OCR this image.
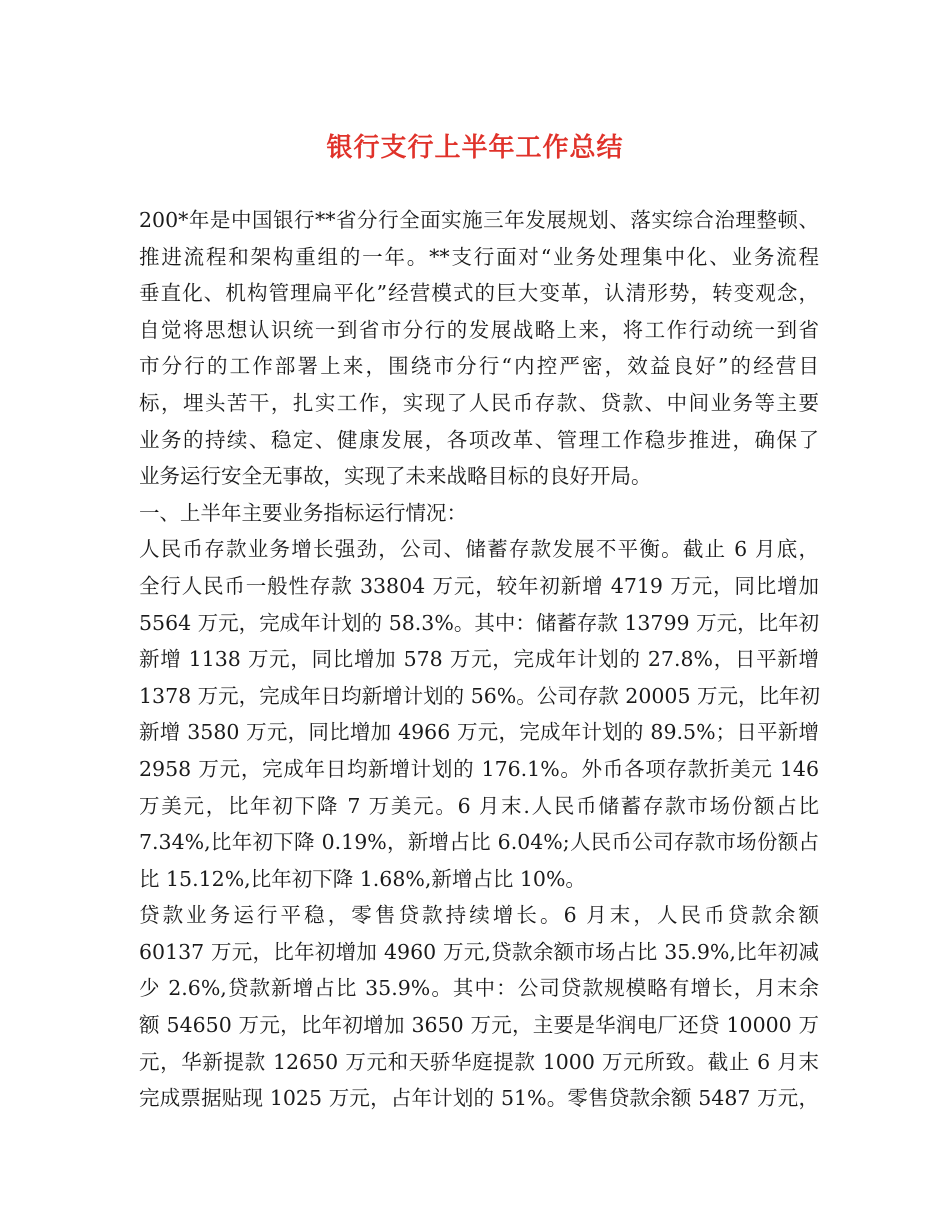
银行支行上半年工作总结
200*年是中国银行**省分行全面实施三年发展规划、落实综合治理整顿、
推进流程和架构重组的一年。**支行面对“业务处理集中化、业务流程
垂直化、机构管理扁平化”经营模式的巨大变革，认清形势，转变观念，
自觉将思想认识统一到省市分行的发展战略上来，将工作行动统一到省
市分行的工作部署上来，围绕市分行“内控严密，效益良好”的经营目
标，埋头苦干，扎实工作，实现了人民币存款、贷款、中间业务等主要
业务的持续、稳定、健康发展，各项改革、管理工作稳步推进，确保了
业务运行安全无事故，实现了未来战略目标的良好开局。
一、上半年主要业务指标运行情况：
人民币存款业务增长强劲，公司、储蓄存款发展不平衡。截止 6 月底，
全行人民币一般性存款 33804 万元，较年初新增 4719 万元，同比增加
5564 万元，完成年计划的 58.3%。其中：储蓄存款 13799 万元，比年初
新增 1138 万元，同比增加 578 万元，完成年计划的 27.8%，日平新增
1378 万元，完成年日均新增计划的 56%。公司存款 20005 万元，比年初
新增 3580 万元，同比增加 4966 万元，完成年计划的 89.5%；日平新增
2958 万元，完成年日均新增计划的 176.1%。外币各项存款折美元 146
万美元，比年初下降 7 万美元。6 月末.人民币储蓄存款市场份额占比
7.34%,比年初下降 0.19%，新增占比 6.04%;人民币公司存款市场份额占
比 15.12%,比年初下降 1.68%,新增占比 10%。
贷款业务运行平稳，零售贷款持续增长。6 月末，人民币贷款余额
60137 万元，比年初增加 4960 万元,贷款余额市场占比 35.9%,比年初减
少 2.6%,贷款新增占比 35.9%。其中：公司贷款规模略有增长，月末余
额 54650 万元，比年初增加 3650 万元，主要是华润电厂还贷 10000 万
元，华新提款 12650 万元和天骄华庭提款 1000 万元所致。截止 6 月末
完成票据贴现 1025 万元，占年计划的 51%。零售贷款余额 5487 万元，
